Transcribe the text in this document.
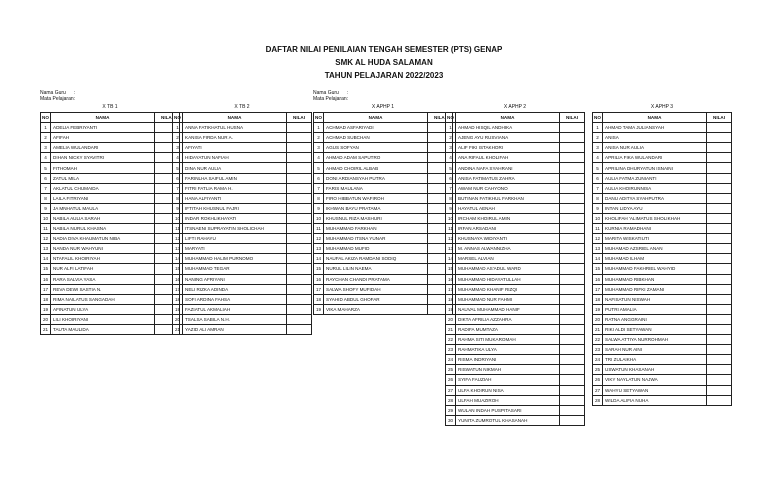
DAFTAR NILAI PENILAIAN TENGAH SEMESTER (PTS) GENAP
SMK AL HUDA SALAMAN
TAHUN PELAJARAN 2022/2023
Nama Guru	:
Mata Pelajaran :
Nama Guru	:
Mata Pelajaran :
X TB 1
NO	NAMA	NILAI
1	ADELIA FEBRIYANTI	
2	AFIFAH	
3	AMELIA WULANDARI	
4	DIHAN NICKY SYAVITRI	
5	FITHOMAH	
6	ZATUL MILA	
7	AKLATUL CHUMAIDA	
8	LAILA FITRIYANI	
9	JA MNHATUL MAULA	
10	NABILA AULIA SARAH	
11	NABILA NURUL KHASNA	
12	NADIA DIVA KHAUMATUN NIBA	
13	NANDA NUR WAHYUNI	
14	NTAFALIL KHOIRIYAH	
15	NUR ALFI LATIFAH	
16	RARA SALVIA YASA	
17	REVA DEWI SASTIA N.	
18	RIMA NAILATUS SANGADAH	
19	AFINATUN ULYA	
20	LILI KHOIRIYANI	
21	TAUTA MAULIDA	
X TB 2
NO	NAMA	NILAI
1	ANNA FATIKHATUL HUSNA	
2	KANISA FIRDA NUR A.	
3	AFIYATI	
4	HIDAYATUN NAFIAH	
5	DINA NUR AULIA	
6	FARINLHA SAIFUL AMIN	
7	FITRI FATLIA RAMA H.	
8	HANA ALFIYANTI	
9	IFTITAH KHUSNUL FAJRI	
10	INDAR ROKHLIKHAYATI	
11	ITSNAENI SUPRAYATIN SHOLICHAH	
12	LIFTI RAHAYU	
13	MARYATI	
14	MUHAMMAD HALIM PURNOMO	
15	MUHAMMAD TEGAR	
16	NANING AFRIYANI	
17	NELI RIZKA ADINDA	
18	SOFI ARDINA FAHSA	
19	FAZIATUL AKMALIAH	
20	TSALSA SABILA N.H.	
21	YAZID ALI AMRAN	
X APHP 1
NO	NAMA	NILAI
1	ACHMAD ASFARIYADI	
2	ACHMAD SUBCHAN	
3	AGUS SOFYAN	
4	AHMAD ADAM SAPUTRO	
5	AHMAD CHOIRIL ALBAB	
6	DONI ARDIANSYAH PUTRA	
7	FARIS MAULANA	
8	FIRO HIBBATUN WAFIROH	
9	IKHWAN BAYU PRATAMA	
10	KHUSNUL RIZA MASHURI	
11	MUHAMMAD FARKHAN	
12	MUHAMMAD ITSNA YUNAR	
13	MUHAMMAD MUFID	
14	NAUFAL AKIZA RAMDANI SODIQ	
15	NURUL LILIN NAEMA	
16	RAYCHAN CHANDI PRATAMA	
17	SALWA SHOFY MUFIDAH	
18	SYAHID ABDUL GHOFAR	
19	VIKA MAHARZA	
X APHP 2
NO	NAMA	NILAI
1	AHMAD HISQIL ANDHIKA	
2	AJENG AYU RUSVIANA	
3	ALIF FIKI ISTAKHORI	
4	ANA RIFAUL KHOLIFAH	
5	ANDINA NAFA SYAHRANI	
6	ANISA FATIMATUS ZAHRA	
7	AWAM NUR CAHYONO	
8	BUTINAN FATIKHUL FARKHAN	
9	HAYATUL AENAH	
10	IRCHAM KHOIRUL AMIN	
11	IRFAN ARSADANI	
12	KHUSNAYA WIDIYANTI	
13	M. ANNAS ALWANNIZHA	
14	MARSEL ALVIAN	
15	MUHAMMAD AS'ADUL WARD	
16	MUHAMMAD HIDAYATULLAH	
17	MUHAMMAD KHANIF RIZQI	
18	MUHAMMAD NUR FAHMI	
19	NAUVAL MUHAMMAD HANIF	
20	DIKTA AFRILIA AZZAHRA	
21	RADIFA MUMTAZA	
22	RAHMA SITI MUKAROMAH	
23	RAHMATIKA ULYA	
24	RISMA INDRIYANI	
25	RISWATUN NIKMAH	
26	SYIFA FAUZIAH	
27	ULFA KHOIRUN NISA	
28	ULFAH MUAZIROH	
29	WULAN INDAH PUSPITASARI	
30	YUNITA ZUMROTUL KHASANAH	
X APHP 3
NO	NAMA	NILAI
1	AHMAD TAMA JULIANSYAH	
2	ANISA	
3	ANISA NUR AULIA	
4	APRILIA FIKA WULANDARI	
5	APRILINA DHURYATUN ISNAINI	
6	AULIA FATMA ZUNIANTI	
7	AULIA KHOIRUNNISA	
8	DANU ADITYA SYAHPUTRA	
9	INTAN LIDYA AYU	
10	KHOLIFAH 'ALIMATUS SHOLIKHAH	
11	KURNIA RAMADHANI	
12	MARITA WISKATIUTI	
13	MUHAMAD AZSRIEL ANAN	
14	MUHAMAD ILHAM	
15	MUHAMMAD FAKHRIEL WAHYID	
16	MUHAMMAD RIBKHAN	
17	MUHAMMAD RIFKI ZAMANI	
18	NAFISATUN NISWAH	
19	PUTRI AMALIA	
20	RATNA ANGGRAINI	
21	RIKI ALDI SETYAWAN	
22	SALWA ATTIYA NURROHMAH	
23	SARAH NUR AINI	
24	TRI ZULAIKHA	
25	USWATUN KHASANAH	
26	VIKY NAYLATUN NAJWA	
27	WAHYU SETYAWAN	
28	WILDA ALIFIA NUHA	
